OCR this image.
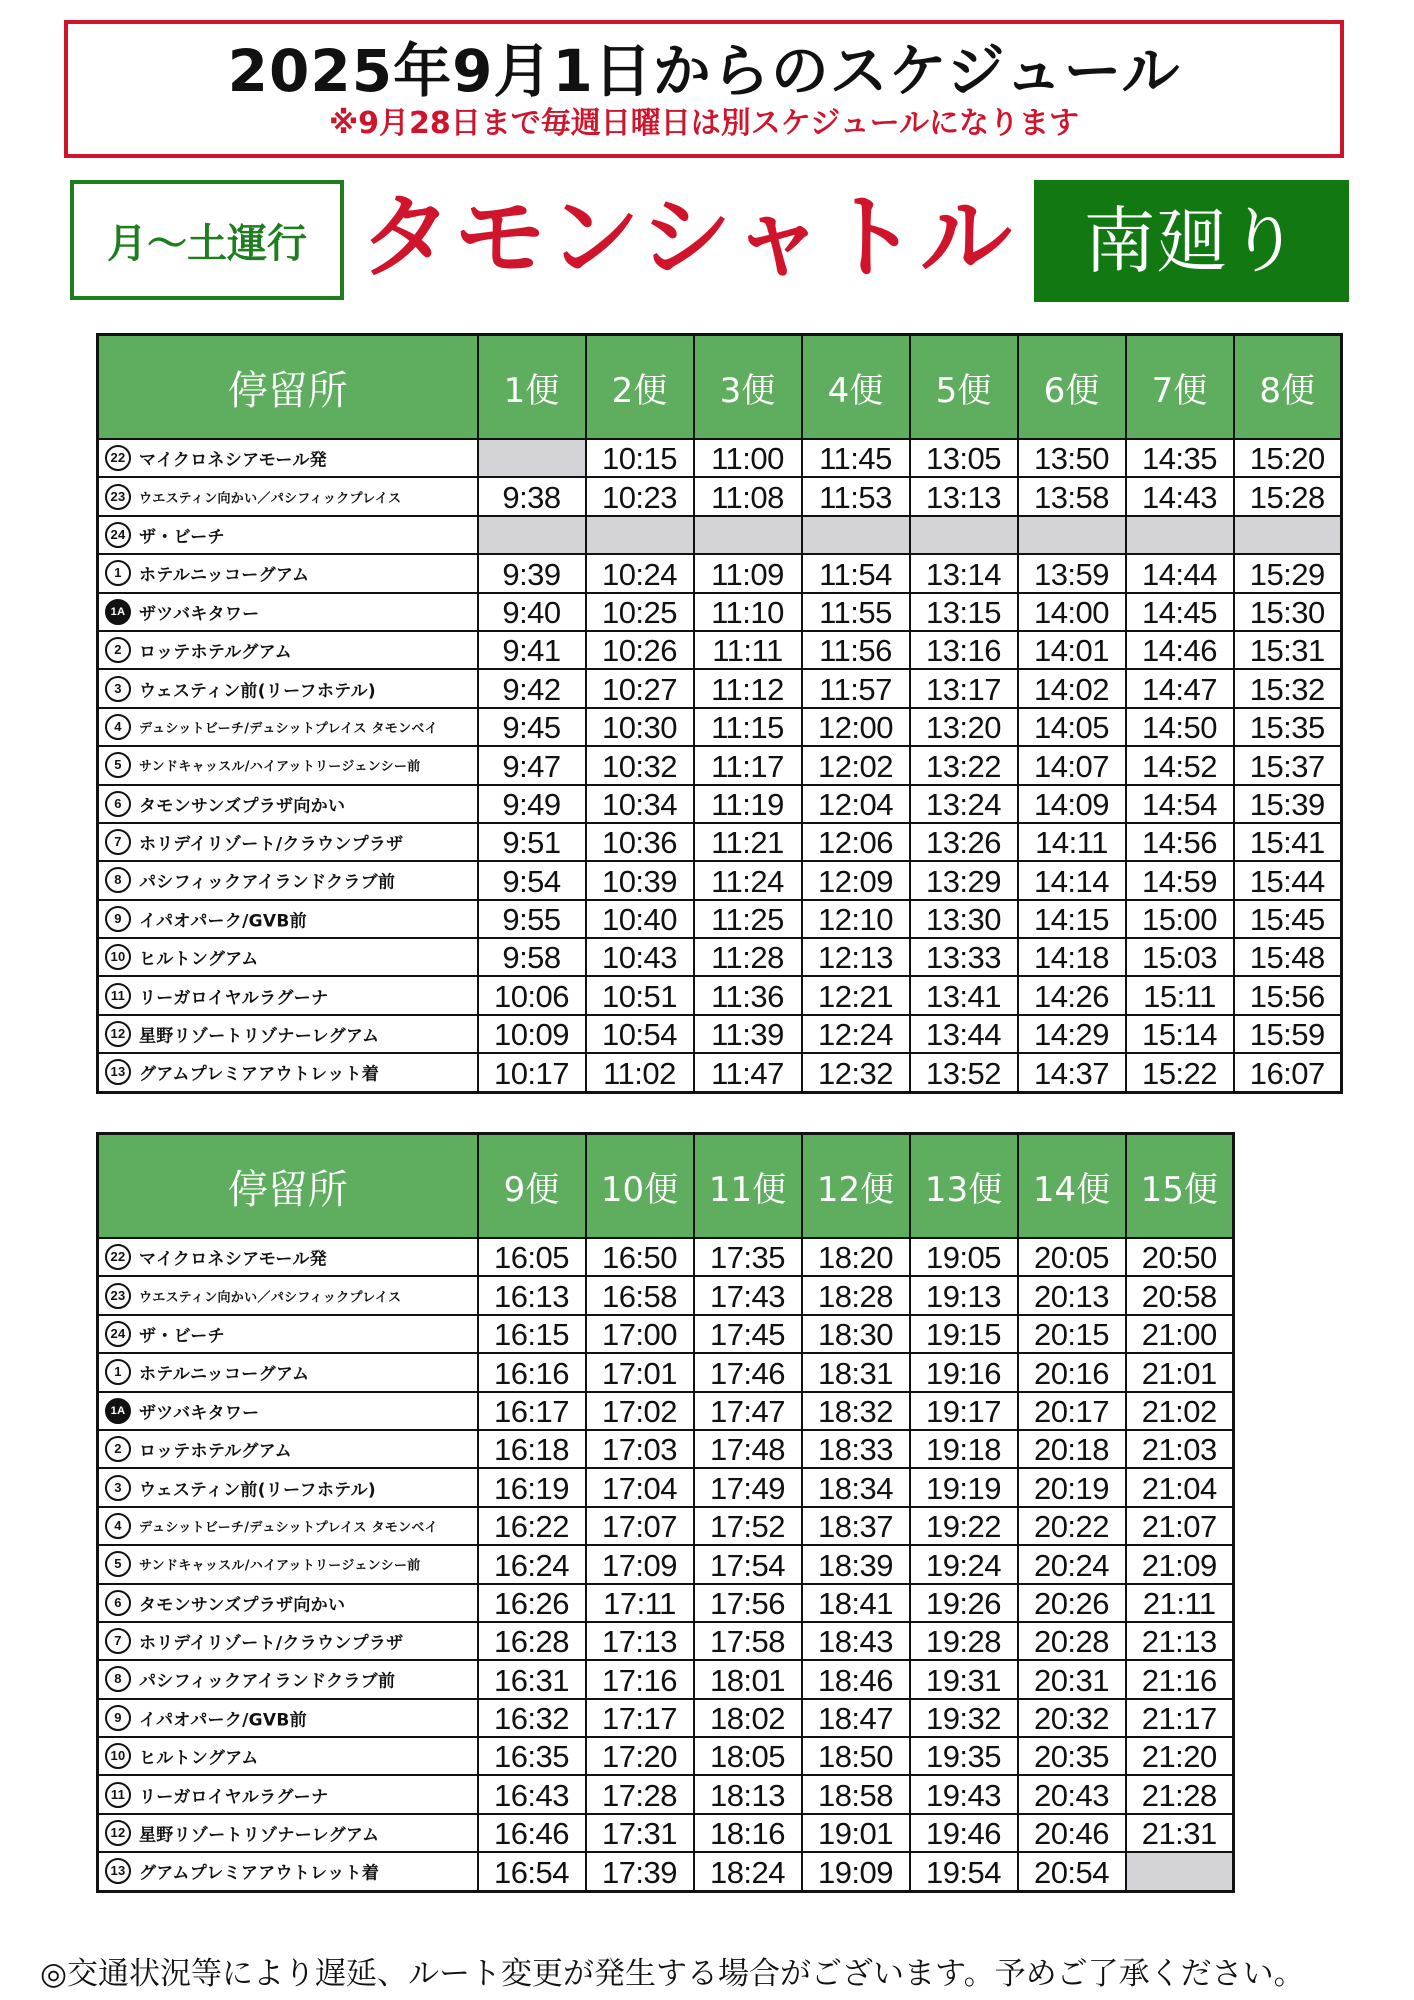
2025年9月1日からのスケジュール
※9月28日まで毎週日曜日は別スケジュールになります
月〜土運行 タモンシャトル 南廻り
停留所	1便	2便	3便	4便	5便	6便	7便	8便
22 マイクロネシアモール発		10:15	11:00	11:45	13:05	13:50	14:35	15:20
23 ウエスティン向かい／パシフィックプレイス	9:38	10:23	11:08	11:53	13:13	13:58	14:43	15:28
24 ザ・ビーチ								
1 ホテルニッコーグアム	9:39	10:24	11:09	11:54	13:14	13:59	14:44	15:29
1A ザツバキタワー	9:40	10:25	11:10	11:55	13:15	14:00	14:45	15:30
2 ロッテホテルグアム	9:41	10:26	11:11	11:56	13:16	14:01	14:46	15:31
3 ウェスティン前(リーフホテル)	9:42	10:27	11:12	11:57	13:17	14:02	14:47	15:32
4 デュシットビーチ/デュシットプレイス タモンベイ	9:45	10:30	11:15	12:00	13:20	14:05	14:50	15:35
5 サンドキャッスル/ハイアットリージェンシー前	9:47	10:32	11:17	12:02	13:22	14:07	14:52	15:37
6 タモンサンズプラザ向かい	9:49	10:34	11:19	12:04	13:24	14:09	14:54	15:39
7 ホリデイリゾート/クラウンプラザ	9:51	10:36	11:21	12:06	13:26	14:11	14:56	15:41
8 パシフィックアイランドクラブ前	9:54	10:39	11:24	12:09	13:29	14:14	14:59	15:44
9 イパオパーク/GVB前	9:55	10:40	11:25	12:10	13:30	14:15	15:00	15:45
10 ヒルトングアム	9:58	10:43	11:28	12:13	13:33	14:18	15:03	15:48
11 リーガロイヤルラグーナ	10:06	10:51	11:36	12:21	13:41	14:26	15:11	15:56
12 星野リゾートリゾナーレグアム	10:09	10:54	11:39	12:24	13:44	14:29	15:14	15:59
13 グアムプレミアアウトレット着	10:17	11:02	11:47	12:32	13:52	14:37	15:22	16:07
停留所	9便	10便	11便	12便	13便	14便	15便
22 マイクロネシアモール発	16:05	16:50	17:35	18:20	19:05	20:05	20:50
23 ウエスティン向かい／パシフィックプレイス	16:13	16:58	17:43	18:28	19:13	20:13	20:58
24 ザ・ビーチ	16:15	17:00	17:45	18:30	19:15	20:15	21:00
1 ホテルニッコーグアム	16:16	17:01	17:46	18:31	19:16	20:16	21:01
1A ザツバキタワー	16:17	17:02	17:47	18:32	19:17	20:17	21:02
2 ロッテホテルグアム	16:18	17:03	17:48	18:33	19:18	20:18	21:03
3 ウェスティン前(リーフホテル)	16:19	17:04	17:49	18:34	19:19	20:19	21:04
4 デュシットビーチ/デュシットプレイス タモンベイ	16:22	17:07	17:52	18:37	19:22	20:22	21:07
5 サンドキャッスル/ハイアットリージェンシー前	16:24	17:09	17:54	18:39	19:24	20:24	21:09
6 タモンサンズプラザ向かい	16:26	17:11	17:56	18:41	19:26	20:26	21:11
7 ホリデイリゾート/クラウンプラザ	16:28	17:13	17:58	18:43	19:28	20:28	21:13
8 パシフィックアイランドクラブ前	16:31	17:16	18:01	18:46	19:31	20:31	21:16
9 イパオパーク/GVB前	16:32	17:17	18:02	18:47	19:32	20:32	21:17
10 ヒルトングアム	16:35	17:20	18:05	18:50	19:35	20:35	21:20
11 リーガロイヤルラグーナ	16:43	17:28	18:13	18:58	19:43	20:43	21:28
12 星野リゾートリゾナーレグアム	16:46	17:31	18:16	19:01	19:46	20:46	21:31
13 グアムプレミアアウトレット着	16:54	17:39	18:24	19:09	19:54	20:54	
◎交通状況等により遅延、ルート変更が発生する場合がございます。予めご了承ください。
